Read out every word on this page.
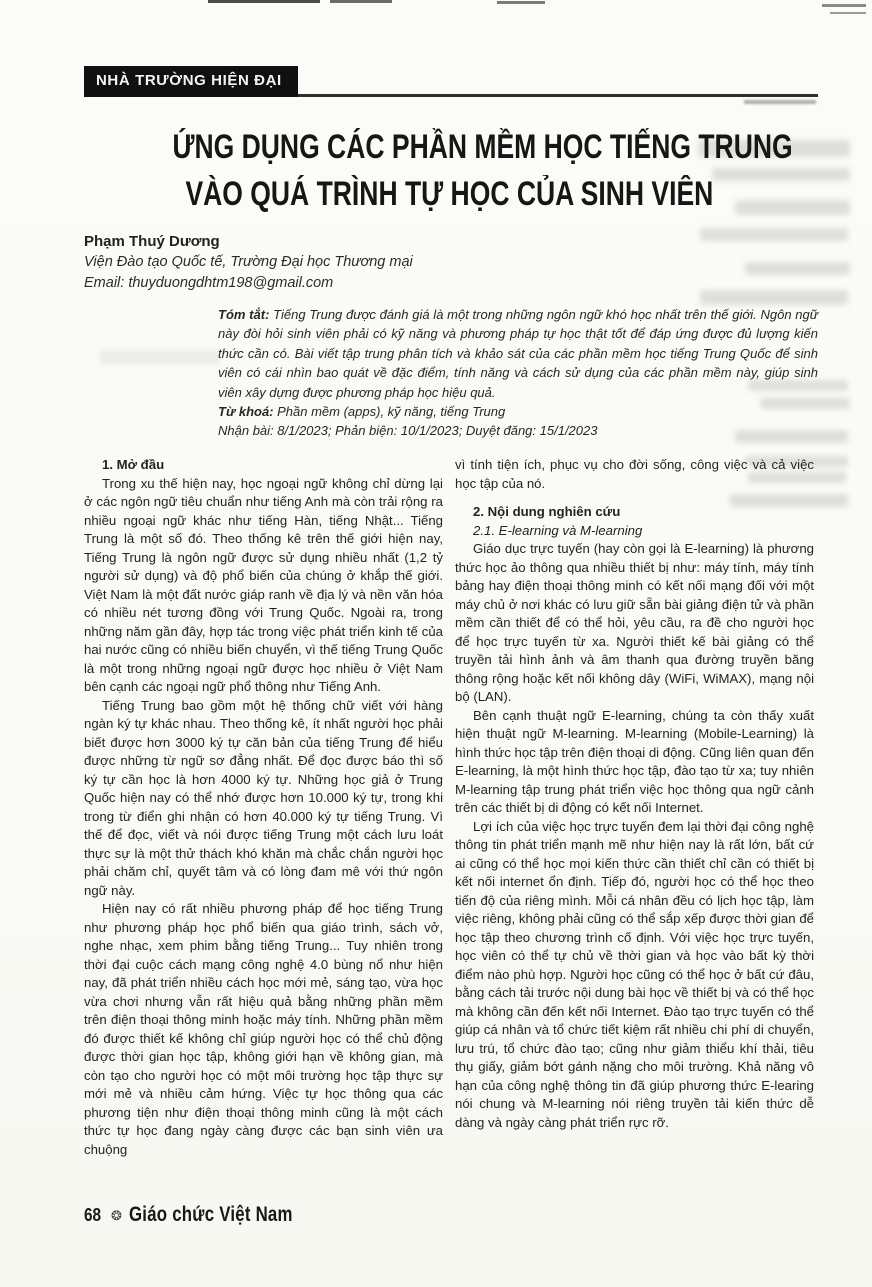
NHÀ TRƯỜNG HIỆN ĐẠI
ỨNG DỤNG CÁC PHẦN MỀM HỌC TIẾNG TRUNG
VÀO QUÁ TRÌNH TỰ HỌC CỦA SINH VIÊN
Phạm Thuý Dương
Viện Đào tạo Quốc tế, Trường Đại học Thương mại
Email: thuyduongdhtm198@gmail.com
Tóm tắt: Tiếng Trung được đánh giá là một trong những ngôn ngữ khó học nhất trên thế giới. Ngôn ngữ này đòi hỏi sinh viên phải có kỹ năng và phương pháp tự học thật tốt để đáp ứng được đủ lượng kiến thức cần có. Bài viết tập trung phân tích và khảo sát của các phần mềm học tiếng Trung Quốc để sinh viên có cái nhìn bao quát về đặc điểm, tính năng và cách sử dụng của các phần mềm này, giúp sinh viên xây dựng được phương pháp học hiệu quả.
Từ khoá: Phần mềm (apps), kỹ năng, tiếng Trung
Nhận bài: 8/1/2023; Phản biện: 10/1/2023; Duyệt đăng: 15/1/2023
1. Mở đầu

Trong xu thế hiện nay, học ngoại ngữ không chỉ dừng lại ở các ngôn ngữ tiêu chuẩn như tiếng Anh mà còn trải rộng ra nhiều ngoại ngữ khác như tiếng Hàn, tiếng Nhật... Tiếng Trung là một số đó. Theo thống kê trên thế giới hiện nay, Tiếng Trung là ngôn ngữ được sử dụng nhiều nhất (1,2 tỷ người sử dụng) và độ phổ biến của chúng ở khắp thế giới. Việt Nam là một đất nước giáp ranh về địa lý và nền văn hóa có nhiều nét tương đồng với Trung Quốc. Ngoài ra, trong những năm gần đây, hợp tác trong việc phát triển kinh tế của hai nước cũng có nhiều biến chuyển, vì thế tiếng Trung Quốc là một trong những ngoại ngữ được học nhiều ở Việt Nam bên cạnh các ngoại ngữ phổ thông như Tiếng Anh.

Tiếng Trung bao gồm một hệ thống chữ viết với hàng ngàn ký tự khác nhau. Theo thống kê, ít nhất người học phải biết được hơn 3000 ký tự căn bản của tiếng Trung để hiểu được những từ ngữ sơ đẳng nhất. Để đọc được báo thì số ký tự cần học là hơn 4000 ký tự. Những học giả ở Trung Quốc hiện nay có thể nhớ được hơn 10.000 ký tự, trong khi trong từ điển ghi nhận có hơn 40.000 ký tự tiếng Trung. Vì thế để đọc, viết và nói được tiếng Trung một cách lưu loát thực sự là một thử thách khó khăn mà chắc chắn người học phải chăm chỉ, quyết tâm và có lòng đam mê với thứ ngôn ngữ này.

Hiện nay có rất nhiều phương pháp để học tiếng Trung như phương pháp học phổ biến qua giáo trình, sách vở, nghe nhạc, xem phim bằng tiếng Trung... Tuy nhiên trong thời đại cuộc cách mạng công nghệ 4.0 bùng nổ như hiện nay, đã phát triển nhiều cách học mới mẻ, sáng tạo, vừa học vừa chơi nhưng vẫn rất hiệu quả bằng những phần mềm trên điện thoại thông minh hoặc máy tính. Những phần mềm đó được thiết kế không chỉ giúp người học có thể chủ động được thời gian học tập, không giới hạn về không gian, mà còn tạo cho người học có một môi trường học tập thực sự mới mẻ và nhiều cảm hứng. Việc tự học thông qua các phương tiện như điện thoại thông minh cũng là một cách thức tự học đang ngày càng được các bạn sinh viên ưa chuộng

vì tính tiện ích, phục vụ cho đời sống, công việc và cả việc học tập của nó.

2. Nội dung nghiên cứu
2.1. E-learning và M-learning

Giáo dục trực tuyến (hay còn gọi là E-learning) là phương thức học ảo thông qua nhiều thiết bị như: máy tính, máy tính bảng hay điện thoại thông minh có kết nối mạng đối với một máy chủ ở nơi khác có lưu giữ sẵn bài giảng điện tử và phần mềm cần thiết để có thể hỏi, yêu cầu, ra đề cho người học để học trực tuyến từ xa. Người thiết kế bài giảng có thể truyền tải hình ảnh và âm thanh qua đường truyền băng thông rộng hoặc kết nối không dây (WiFi, WiMAX), mạng nội bộ (LAN).

Bên cạnh thuật ngữ E-learning, chúng ta còn thấy xuất hiện thuật ngữ M-learning. M-learning (Mobile-Learning) là hình thức học tập trên điện thoại di động. Cũng liên quan đến E-learning, là một hình thức học tập, đào tạo từ xa; tuy nhiên M-learning tập trung phát triển việc học thông qua ngữ cảnh trên các thiết bị di động có kết nối Internet.

Lợi ích của việc học trực tuyến đem lại thời đại công nghệ thông tin phát triển mạnh mẽ như hiện nay là rất lớn, bất cứ ai cũng có thể học mọi kiến thức cần thiết chỉ cần có thiết bị kết nối internet ổn định. Tiếp đó, người học có thể học theo tiến độ của riêng mình. Mỗi cá nhân đều có lịch học tập, làm việc riêng, không phải cũng có thể sắp xếp được thời gian để học tập theo chương trình cố định. Với việc học trực tuyến, học viên có thể tự chủ về thời gian và học vào bất kỳ thời điểm nào phù hợp. Người học cũng có thể học ở bất cứ đâu, bằng cách tải trước nội dung bài học về thiết bị và có thể học mà không cần đến kết nối Internet. Đào tạo trực tuyến có thể giúp cá nhân và tổ chức tiết kiệm rất nhiều chi phí di chuyển, lưu trú, tổ chức đào tạo; cũng như giảm thiểu khí thải, tiêu thụ giấy, giảm bớt gánh nặng cho môi trường. Khả năng vô hạn của công nghệ thông tin đã giúp phương thức E-learing nói chung và M-learning nói riêng truyền tải kiến thức dễ dàng và ngày càng phát triển rực rỡ.

68 ❂ Giáo chức Việt Nam
